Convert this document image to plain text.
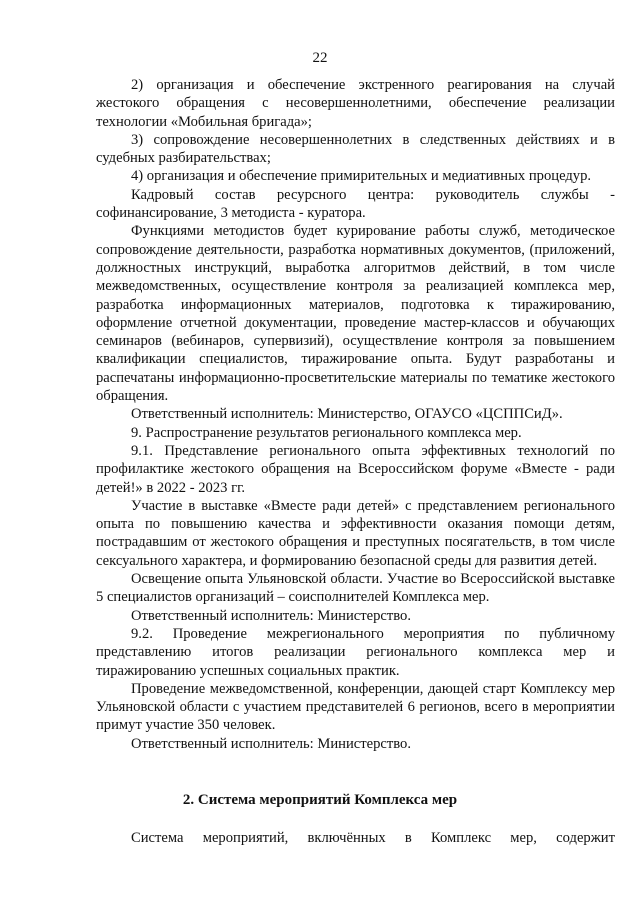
22

2) организация и обеспечение экстренного реагирования на случай жестокого обращения с несовершеннолетними, обеспечение реализации технологии «Мобильная бригада»;

3) сопровождение несовершеннолетних в следственных действиях и в судебных разбирательствах;

4) организация и обеспечение примирительных и медиативных процедур.

Кадровый состав ресурсного центра: руководитель службы - софинансирование, 3 методиста - куратора.

Функциями методистов будет курирование работы служб, методическое сопровождение деятельности, разработка нормативных документов, (приложений, должностных инструкций, выработка алгоритмов действий, в том числе межведомственных, осуществление контроля за реализацией комплекса мер, разработка информационных материалов, подготовка к тиражированию, оформление отчетной документации, проведение мастер-классов и обучающих семинаров (вебинаров, супервизий), осуществление контроля за повышением квалификации специалистов, тиражирование опыта. Будут разработаны и распечатаны информационно-просветительские материалы по тематике жестокого обращения.

Ответственный исполнитель: Министерство, ОГАУСО «ЦСППСиД».

9. Распространение результатов регионального комплекса мер.

9.1. Представление регионального опыта эффективных технологий по профилактике жестокого обращения на Всероссийском форуме «Вместе - ради детей!» в 2022 - 2023 гг.

Участие в выставке «Вместе ради детей» с представлением регионального опыта по повышению качества и эффективности оказания помощи детям, пострадавшим от жестокого обращения и преступных посягательств, в том числе сексуального характера, и формированию безопасной среды для развития детей.

Освещение опыта Ульяновской области. Участие во Всероссийской выставке 5 специалистов организаций – соисполнителей Комплекса мер.

Ответственный исполнитель: Министерство.

9.2. Проведение межрегионального мероприятия по публичному представлению итогов реализации регионального комплекса мер и тиражированию успешных социальных практик.

Проведение межведомственной, конференции, дающей старт Комплексу мер Ульяновской области с участием представителей 6 регионов, всего в мероприятии примут участие 350 человек.

Ответственный исполнитель: Министерство.

2. Система мероприятий Комплекса мер
Система мероприятий, включённых в Комплекс мер, содержит
